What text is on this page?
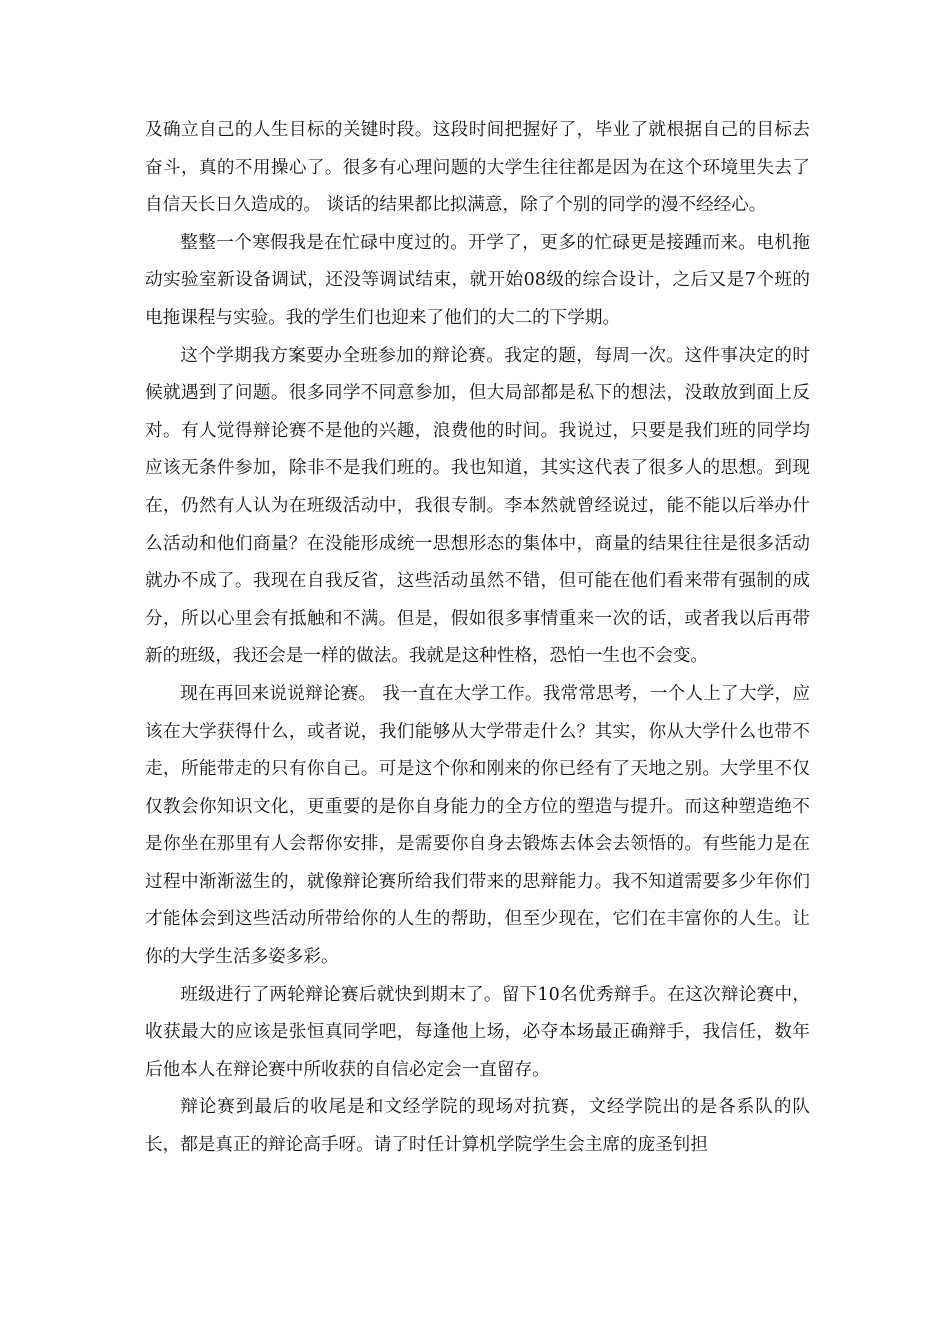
及确立自己的人生目标的关键时段。这段时间把握好了，毕业了就根据自己的目标去奋斗，真的不用操心了。很多有心理问题的大学生往往都是因为在这个环境里失去了自信天长日久造成的。 谈话的结果都比拟满意，除了个别的同学的漫不经经心。

整整一个寒假我是在忙碌中度过的。开学了，更多的忙碌更是接踵而来。电机拖动实验室新设备调试，还没等调试结束，就开始08级的综合设计，之后又是7个班的电拖课程与实验。我的学生们也迎来了他们的大二的下学期。

这个学期我方案要办全班参加的辩论赛。我定的题，每周一次。这件事决定的时候就遇到了问题。很多同学不同意参加，但大局部都是私下的想法，没敢放到面上反对。有人觉得辩论赛不是他的兴趣，浪费他的时间。我说过，只要是我们班的同学均应该无条件参加，除非不是我们班的。我也知道，其实这代表了很多人的思想。到现在，仍然有人认为在班级活动中，我很专制。李本然就曾经说过，能不能以后举办什么活动和他们商量？在没能形成统一思想形态的集体中，商量的结果往往是很多活动就办不成了。我现在自我反省，这些活动虽然不错，但可能在他们看来带有强制的成分，所以心里会有抵触和不满。但是，假如很多事情重来一次的话，或者我以后再带新的班级，我还会是一样的做法。我就是这种性格，恐怕一生也不会变。

现在再回来说说辩论赛。 我一直在大学工作。我常常思考，一个人上了大学，应该在大学获得什么，或者说，我们能够从大学带走什么？其实，你从大学什么也带不走，所能带走的只有你自己。可是这个你和刚来的你已经有了天地之别。大学里不仅仅教会你知识文化，更重要的是你自身能力的全方位的塑造与提升。而这种塑造绝不是你坐在那里有人会帮你安排，是需要你自身去锻炼去体会去领悟的。有些能力是在过程中渐渐滋生的，就像辩论赛所给我们带来的思辩能力。我不知道需要多少年你们才能体会到这些活动所带给你的人生的帮助，但至少现在，它们在丰富你的人生。让你的大学生活多姿多彩。

班级进行了两轮辩论赛后就快到期末了。留下10名优秀辩手。在这次辩论赛中，收获最大的应该是张恒真同学吧，每逢他上场，必夺本场最正确辩手，我信任，数年后他本人在辩论赛中所收获的自信必定会一直留存。

辩论赛到最后的收尾是和文经学院的现场对抗赛，文经学院出的是各系队的队长，都是真正的辩论高手呀。请了时任计算机学院学生会主席的庞圣钊担
